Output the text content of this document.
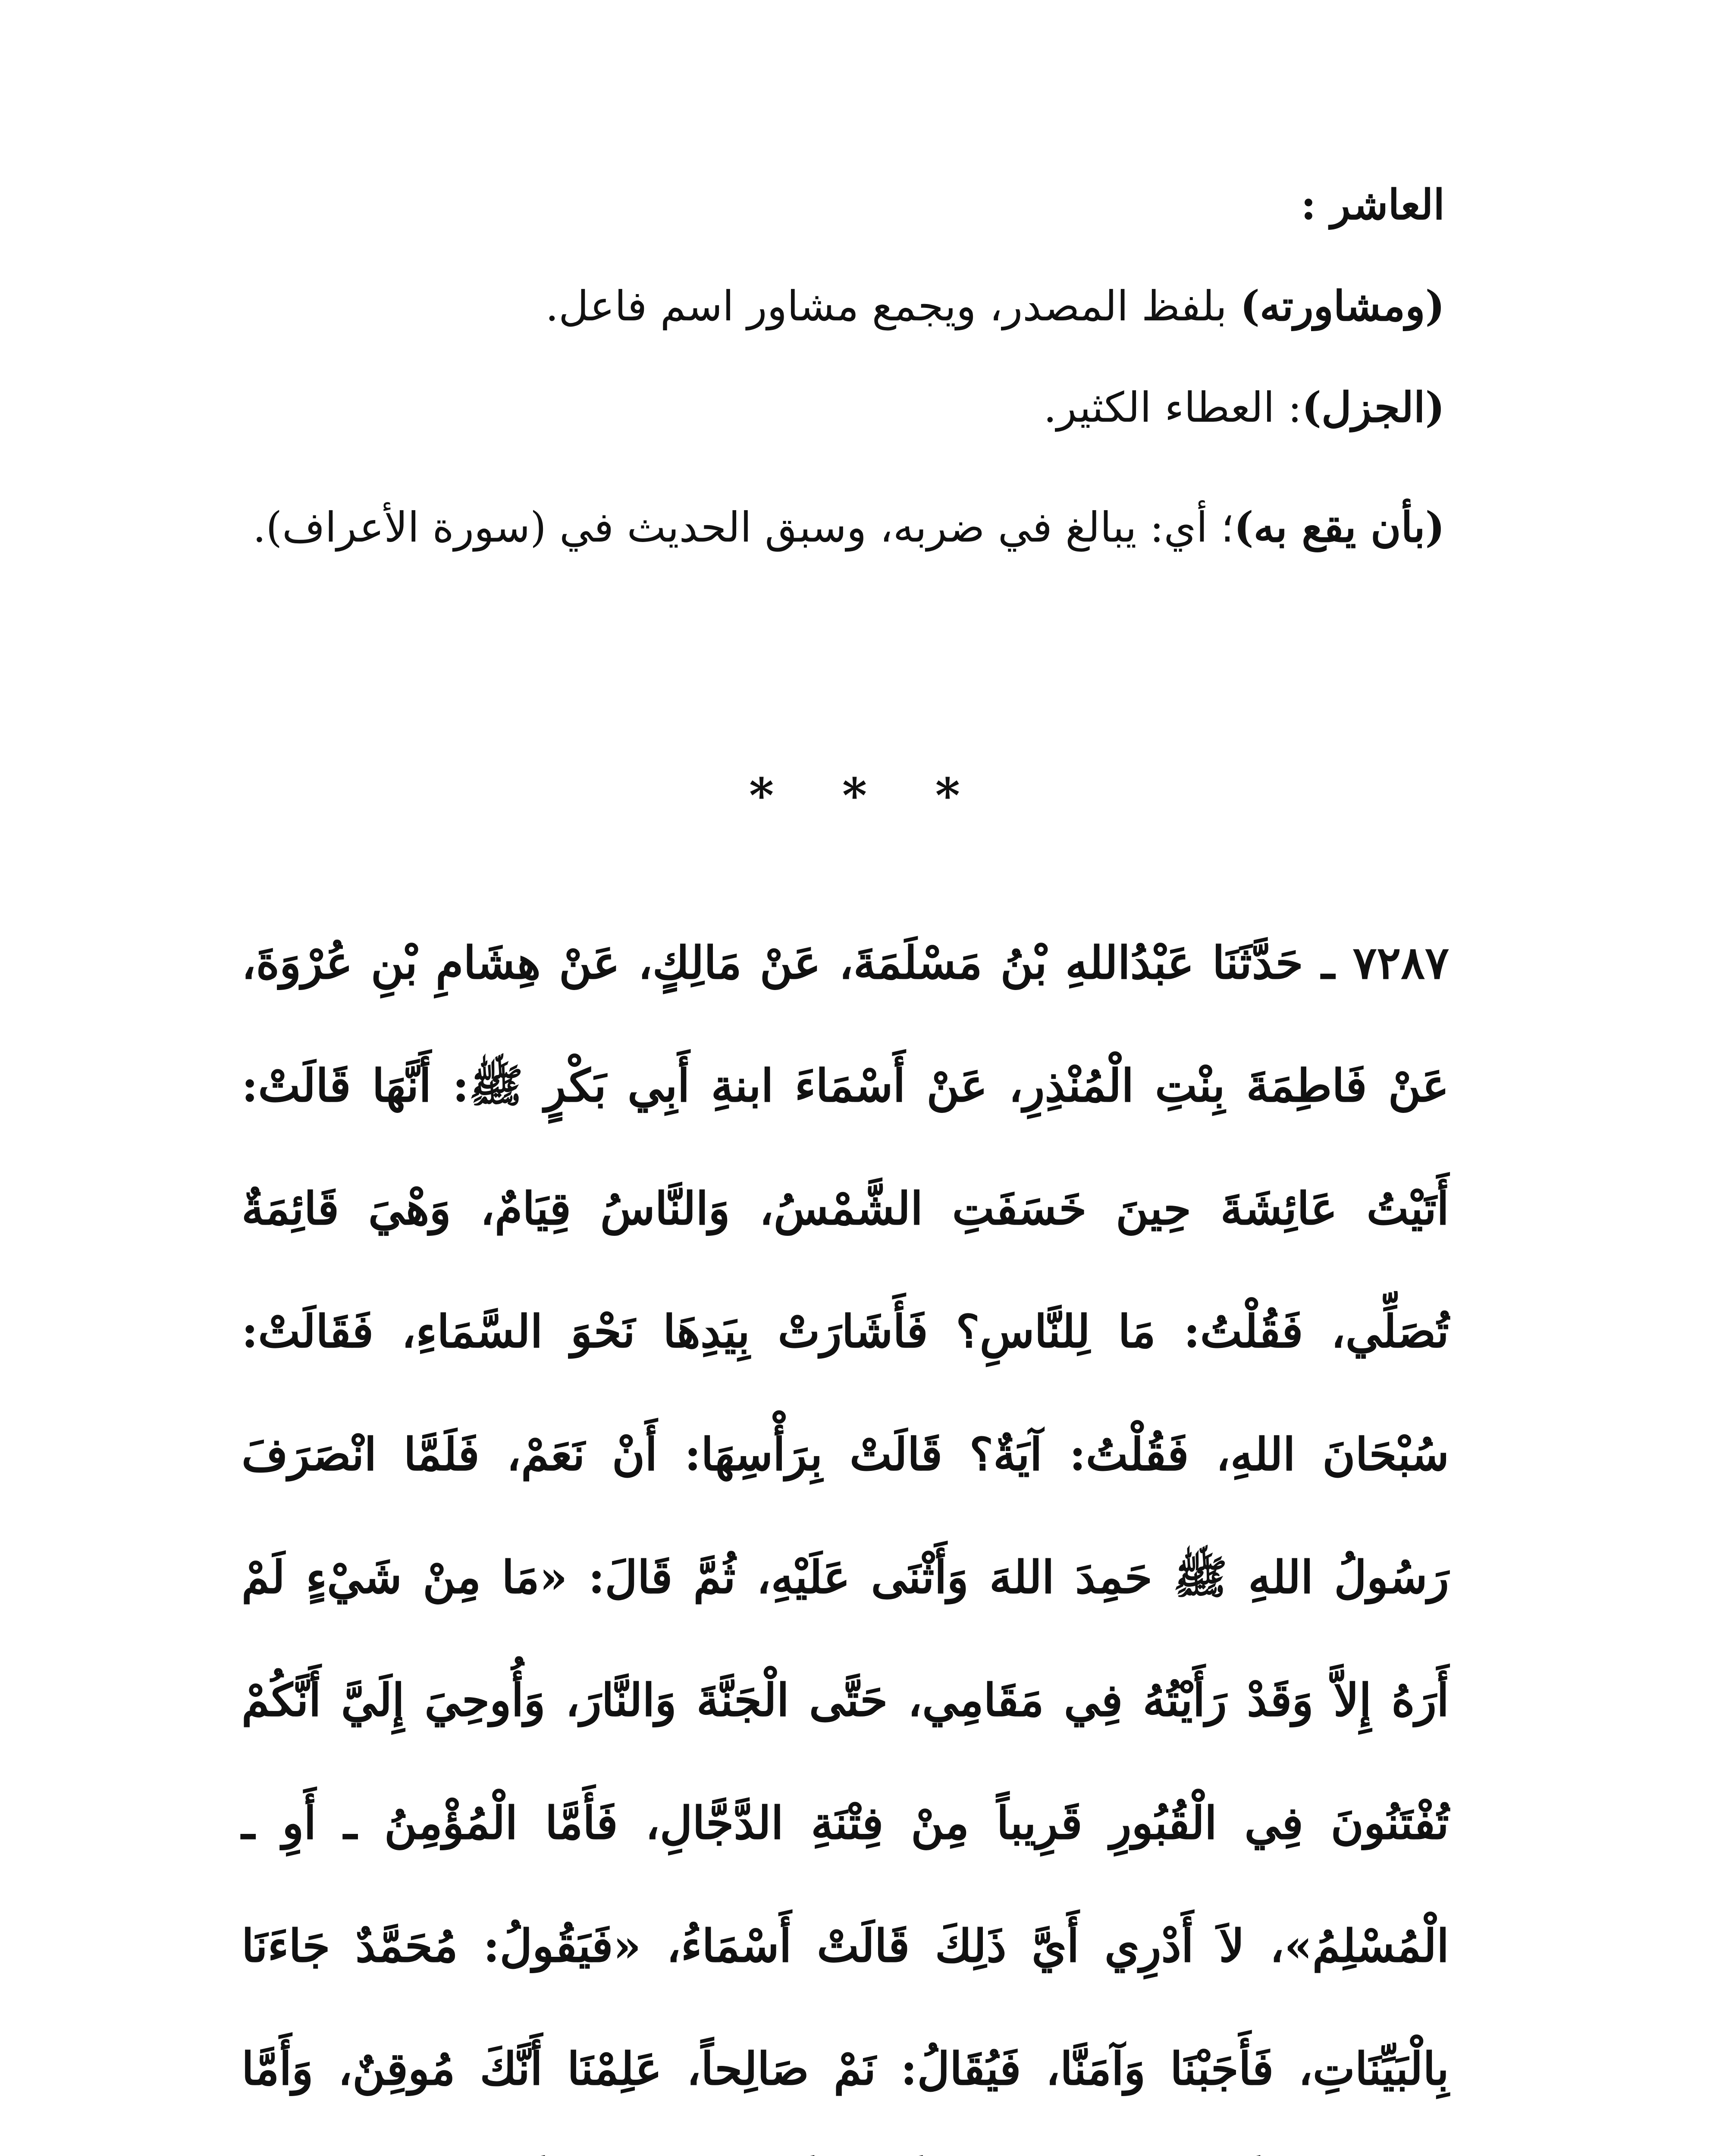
العاشر :
(ومشاورته) بلفظ المصدر، ويجمع مشاور اسم فاعل.
(الجزل): العطاء الكثير.
(بأن يقع به)؛ أي: يبالغ في ضربه، وسبق الحديث في (سورة الأعراف).
* * *
٧٢٨٧ ـ حَدَّثَنَا عَبْدُاللهِ بْنُ مَسْلَمَةَ، عَنْ مَالِكٍ، عَنْ هِشَامِ بْنِ عُرْوَةَ، عَنْ فَاطِمَةَ بِنْتِ الْمُنْذِرِ، عَنْ أَسْمَاءَ ابنةِ أَبِي بَكْرٍ ﷺ: أَنَّهَا قَالَتْ: أَتَيْتُ عَائِشَةَ حِينَ خَسَفَتِ الشَّمْسُ، وَالنَّاسُ قِيَامٌ، وَهْيَ قَائِمَةٌ تُصَلِّي، فَقُلْتُ: مَا لِلنَّاسِ؟ فَأَشَارَتْ بِيَدِهَا نَحْوَ السَّمَاءِ، فَقَالَتْ: سُبْحَانَ اللهِ، فَقُلْتُ: آيَةٌ؟ قَالَتْ بِرَأْسِهَا: أَنْ نَعَمْ، فَلَمَّا انْصَرَفَ رَسُولُ اللهِ ﷺ حَمِدَ اللهَ وَأَثْنَى عَلَيْهِ، ثُمَّ قَالَ: «مَا مِنْ شَيْءٍ لَمْ أَرَهُ إِلاَّ وَقَدْ رَأَيْتُهُ فِي مَقَامِي، حَتَّى الْجَنَّةَ وَالنَّارَ، وَأُوحِيَ إِلَيَّ أَنَّكُمْ تُفْتَنُونَ فِي الْقُبُورِ قَرِيباً مِنْ فِتْنَةِ الدَّجَّالِ، فَأَمَّا الْمُؤْمِنُ ـ أَوِ ـ الْمُسْلِمُ»، لاَ أَدْرِي أَيَّ ذَلِكَ قَالَتْ أَسْمَاءُ، «فَيَقُولُ: مُحَمَّدٌ جَاءَنَا بِالْبَيِّنَاتِ، فَأَجَبْنَا وَآمَنَّا، فَيُقَالُ: نَمْ صَالِحاً، عَلِمْنَا أَنَّكَ مُوقِنٌ، وَأَمَّا
